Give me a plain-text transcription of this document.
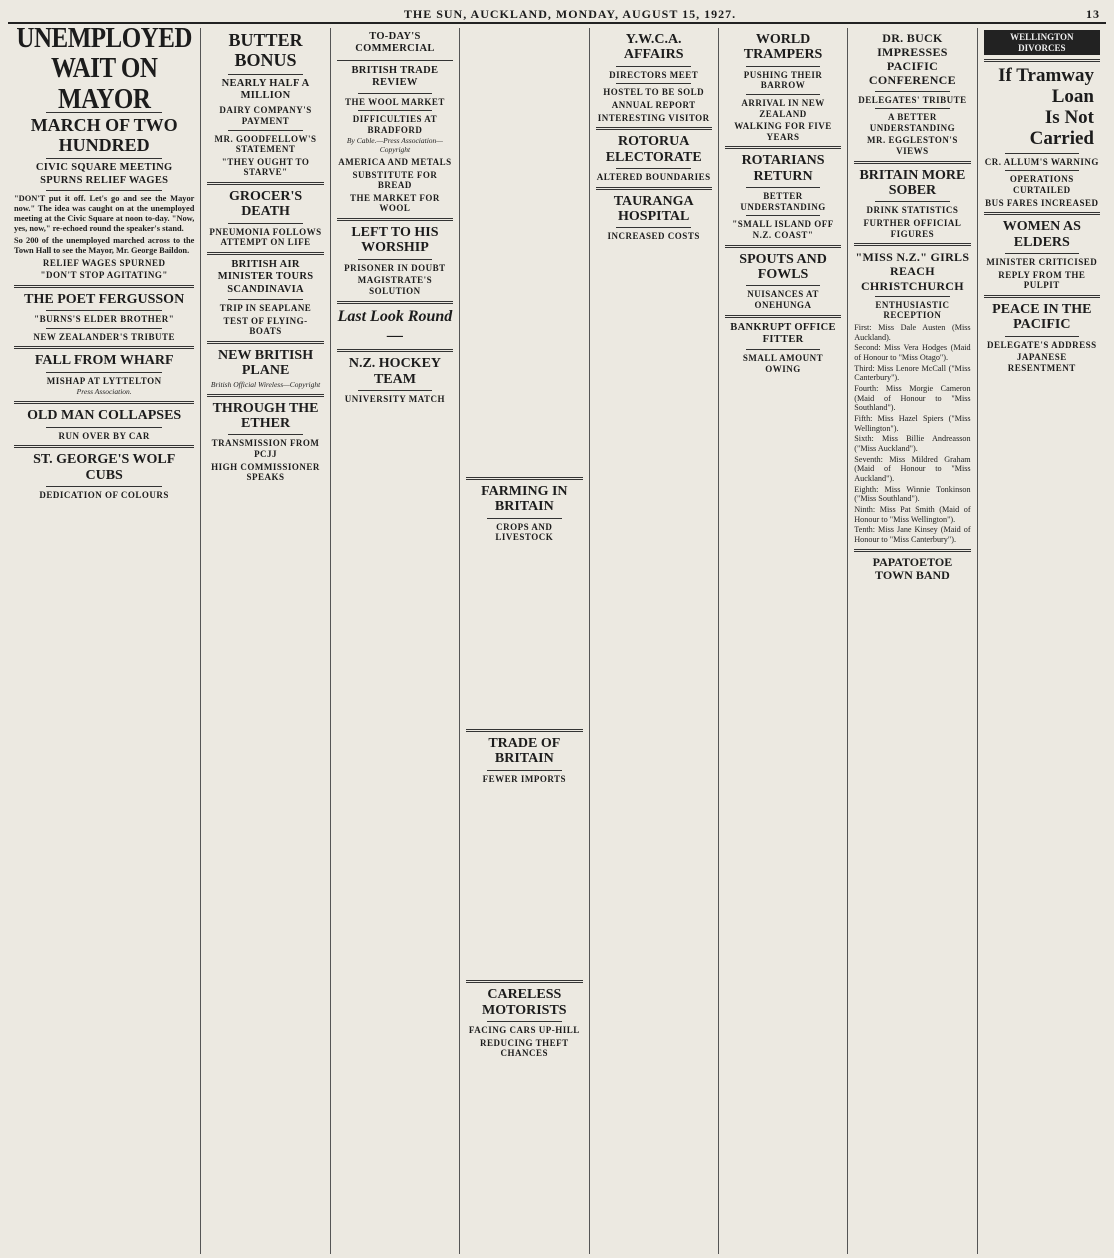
THE SUN, AUCKLAND, MONDAY, AUGUST 15, 1927.	13
UNEMPLOYED WAIT ON MAYOR
MARCH OF TWO HUNDRED
CIVIC SQUARE MEETING SPURNS RELIEF WAGES

"DON'T put it off. Let's go and see the Mayor now." The idea was caught on at the unemployed meeting at the Civic Square at noon to-day. "Now, yes, now," re-echoed round the speaker's stand.

So 200 of the unemployed marched across to the Town Hall to see the Mayor, Mr. George Baildon.

RELIEF WAGES SPURNED
"DON'T STOP AGITATING"
THE POET FERGUSSON
"BURNS'S ELDER BROTHER"
NEW ZEALANDER'S TRIBUTE
FALL FROM WHARF
MISHAP AT LYTTELTON
Press Association.
OLD MAN COLLAPSES
RUN OVER BY CAR
ST. GEORGE'S WOLF CUBS
DEDICATION OF COLOURS
BUTTER BONUS
NEARLY HALF A MILLION
DAIRY COMPANY'S PAYMENT
MR. GOODFELLOW'S STATEMENT
"THEY OUGHT TO STARVE"
GROCER'S DEATH
PNEUMONIA FOLLOWS ATTEMPT ON LIFE
BRITISH AIR MINISTER TOURS SCANDINAVIA
TRIP IN SEAPLANE
TEST OF FLYING-BOATS
NEW BRITISH PLANE
British Official Wireless—Copyright
THROUGH THE ETHER
TRANSMISSION FROM PCJJ
HIGH COMMISSIONER SPEAKS
TO-DAY'S COMMERCIAL
BRITISH TRADE REVIEW
THE WOOL MARKET
DIFFICULTIES AT BRADFORD
By Cable.—Press Association—Copyright
AMERICA AND METALS
SUBSTITUTE FOR BREAD
THE MARKET FOR WOOL
LEFT TO HIS WORSHIP
PRISONER IN DOUBT
MAGISTRATE'S SOLUTION
Last Look Round—
N.Z. HOCKEY TEAM
UNIVERSITY MATCH
FARMING IN BRITAIN
CROPS AND LIVESTOCK
TRADE OF BRITAIN
FEWER IMPORTS
CARELESS MOTORISTS
FACING CARS UP-HILL
REDUCING THEFT CHANCES
Y.W.C.A. AFFAIRS
DIRECTORS MEET
HOSTEL TO BE SOLD
ANNUAL REPORT
INTERESTING VISITOR
ROTORUA ELECTORATE
ALTERED BOUNDARIES
TAURANGA HOSPITAL
INCREASED COSTS
WORLD TRAMPERS
PUSHING THEIR BARROW
ARRIVAL IN NEW ZEALAND
WALKING FOR FIVE YEARS
ROTARIANS RETURN
BETTER UNDERSTANDING
"SMALL ISLAND OFF N.Z. COAST"
SPOUTS AND FOWLS
NUISANCES AT ONEHUNGA
BANKRUPT OFFICE FITTER
SMALL AMOUNT OWING
DR. BUCK IMPRESSES PACIFIC CONFERENCE
DELEGATES' TRIBUTE
A BETTER UNDERSTANDING
MR. EGGLESTON'S VIEWS
BRITAIN MORE SOBER
DRINK STATISTICS
FURTHER OFFICIAL FIGURES
"MISS N.Z." GIRLS REACH CHRISTCHURCH
ENTHUSIASTIC RECEPTION

First: Miss Dale Austen (Miss Auckland).

Second: Miss Vera Hodges (Maid of Honour to "Miss Otago").

Third: Miss Lenore McCall ("Miss Canterbury").

Fourth: Miss Morgie Cameron (Maid of Honour to "Miss Southland").

Fifth: Miss Hazel Spiers ("Miss Wellington").

Sixth: Miss Billie Andreasson ("Miss Auckland").

Seventh: Miss Mildred Graham (Maid of Honour to "Miss Auckland").

Eighth: Miss Winnie Tonkinson ("Miss Southland").

Ninth: Miss Pat Smith (Maid of Honour to "Miss Wellington").

Tenth: Miss Jane Kinsey (Maid of Honour to "Miss Canterbury").

PAPATOETOE TOWN BAND
WELLINGTON DIVORCES
If Tramway Loan
Is Not Carried
CR. ALLUM'S WARNING
OPERATIONS CURTAILED
BUS FARES INCREASED
WOMEN AS ELDERS
MINISTER CRITICISED
REPLY FROM THE PULPIT
PEACE IN THE PACIFIC
DELEGATE'S ADDRESS
JAPANESE RESENTMENT
